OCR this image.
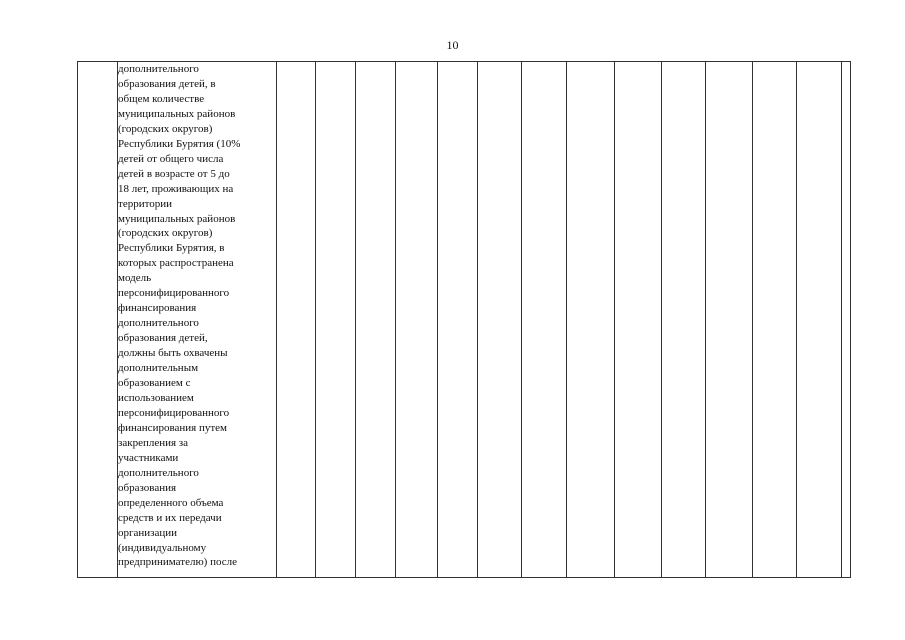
10

дополнительного
образования детей, в
общем количестве
муниципальных районов
(городских округов)
Республики Бурятия (10%
детей от общего числа
детей в возрасте от 5 до
18 лет, проживающих на
территории
муниципальных районов
(городских округов)
Республики Бурятия, в
которых распространена
модель
персонифицированного
финансирования
дополнительного
образования детей,
должны быть охвачены
дополнительным
образованием с
использованием
персонифицированного
финансирования путем
закрепления за
участниками
дополнительного
образования
определенного объема
средств и их передачи
организации
(индивидуальному
предпринимателю) после
